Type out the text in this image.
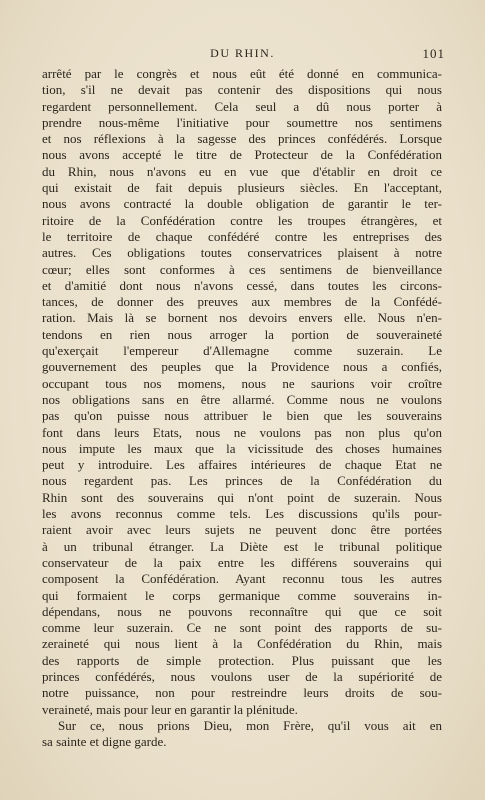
DU RHIN.	101
arrêté par le congrès et nous eût été donné en communica-
tion, s'il ne devait pas contenir des dispositions qui nous
regardent personnellement. Cela seul a dû nous porter à
prendre nous-même l'initiative pour soumettre nos sentimens
et nos réflexions à la sagesse des princes confédérés. Lorsque
nous avons accepté le titre de Protecteur de la Confédération
du Rhin, nous n'avons eu en vue que d'établir en droit ce
qui existait de fait depuis plusieurs siècles. En l'acceptant,
nous avons contracté la double obligation de garantir le ter-
ritoire de la Confédération contre les troupes étrangères, et
le territoire de chaque confédéré contre les entreprises des
autres. Ces obligations toutes conservatrices plaisent à notre
cœur; elles sont conformes à ces sentimens de bienveillance
et d'amitié dont nous n'avons cessé, dans toutes les circons-
tances, de donner des preuves aux membres de la Confédé-
ration. Mais là se bornent nos devoirs envers elle. Nous n'en-
tendons en rien nous arroger la portion de souveraineté
qu'exerçait l'empereur d'Allemagne comme suzerain. Le
gouvernement des peuples que la Providence nous a confiés,
occupant tous nos momens, nous ne saurions voir croître
nos obligations sans en être allarmé. Comme nous ne voulons
pas qu'on puisse nous attribuer le bien que les souverains
font dans leurs Etats, nous ne voulons pas non plus qu'on
nous impute les maux que la vicissitude des choses humaines
peut y introduire. Les affaires intérieures de chaque Etat ne
nous regardent pas. Les princes de la Confédération du
Rhin sont des souverains qui n'ont point de suzerain. Nous
les avons reconnus comme tels. Les discussions qu'ils pour-
raient avoir avec leurs sujets ne peuvent donc être portées
à un tribunal étranger. La Diète est le tribunal politique
conservateur de la paix entre les différens souverains qui
composent la Confédération. Ayant reconnu tous les autres
qui formaient le corps germanique comme souverains in-
dépendans, nous ne pouvons reconnaître qui que ce soit
comme leur suzerain. Ce ne sont point des rapports de su-
zeraineté qui nous lient à la Confédération du Rhin, mais
des rapports de simple protection. Plus puissant que les
princes confédérés, nous voulons user de la supériorité de
notre puissance, non pour restreindre leurs droits de sou-
veraineté, mais pour leur en garantir la plénitude.
Sur ce, nous prions Dieu, mon Frère, qu'il vous ait en
sa sainte et digne garde.
